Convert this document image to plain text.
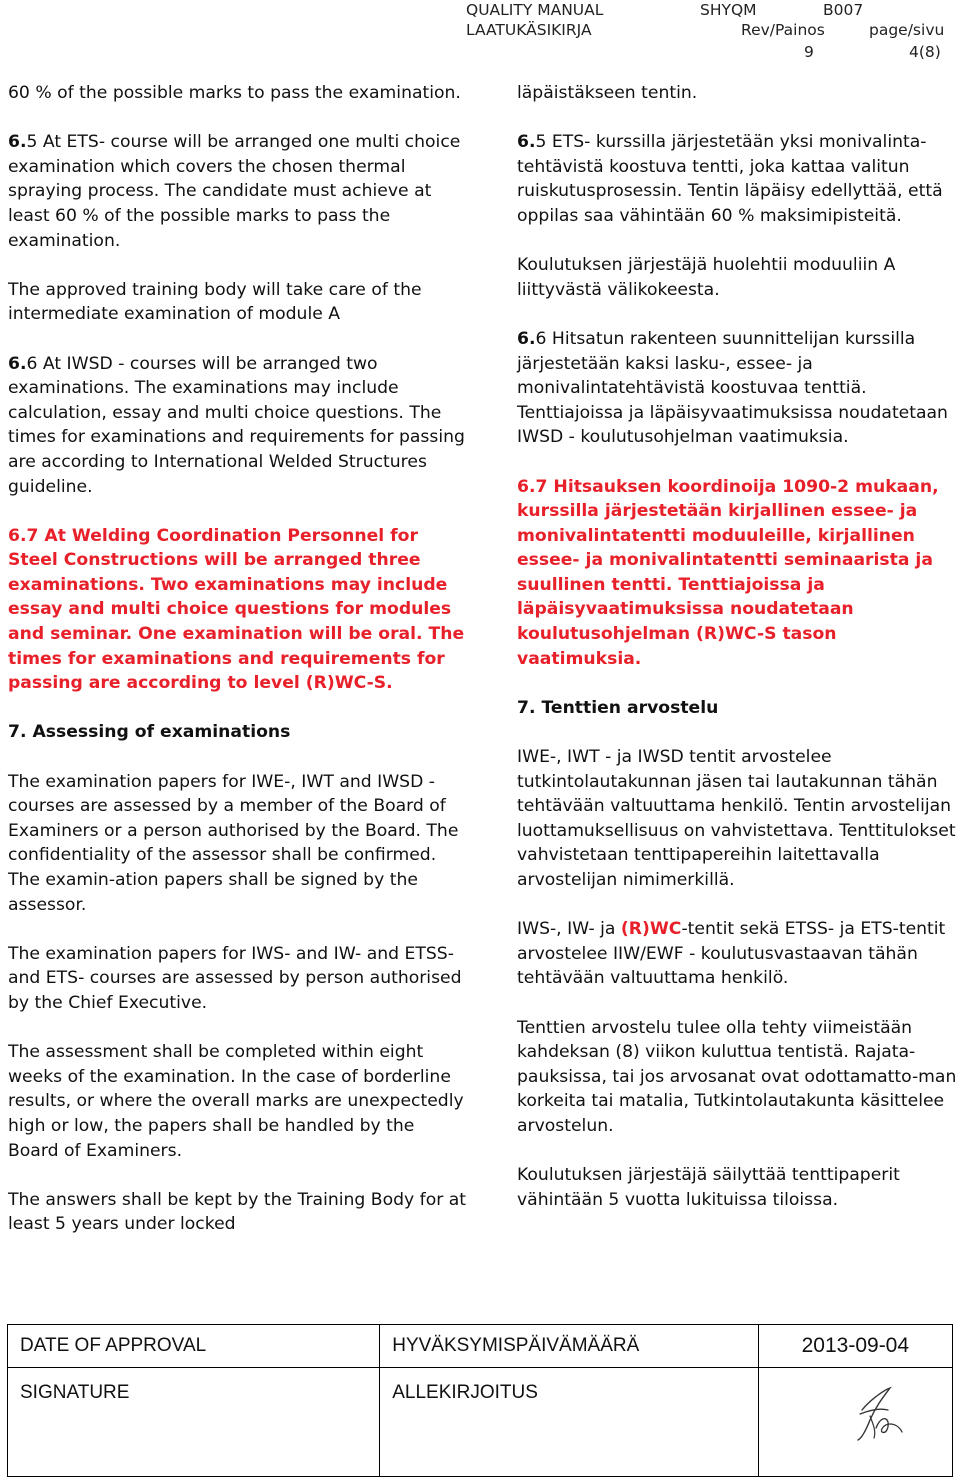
QUALITY MANUAL
LAATUKÄSIKIRJA
SHYQM	B007
Rev/Painos	page/sivu
9	4(8)

60 % of the possible marks to pass the examination.

6.5 At ETS- course will be arranged one multi choice examination which covers the chosen thermal spraying process. The candidate must achieve at least 60 % of the possible marks to pass the examination.

The approved training body will take care of the intermediate examination of module A

6.6 At IWSD - courses will be arranged two examinations. The examinations may include calculation, essay and multi choice questions. The times for examinations and requirements for passing are according to International Welded Structures guideline.

6.7 At Welding Coordination Personnel for Steel Constructions will be arranged three examinations. Two examinations may include essay and multi choice questions for modules and seminar. One examination will be oral. The times for examinations and requirements for passing are according to level (R)WC-S.

7. Assessing of examinations

The examination papers for IWE-, IWT and IWSD - courses are assessed by a member of the Board of Examiners or a person authorised by the Board. The confidentiality of the assessor shall be confirmed. The examin-ation papers shall be signed by the assessor.

The examination papers for IWS- and IW- and ETSS- and ETS- courses are assessed by person authorised by the Chief Executive.

The assessment shall be completed within eight weeks of the examination. In the case of borderline results, or where the overall marks are unexpectedly high or low, the papers shall be handled by the Board of Examiners.

The answers shall be kept by the Training Body for at least 5 years under locked

läpäistäkseen tentin.

6.5 ETS- kurssilla järjestetään yksi monivalinta-tehtävistä koostuva tentti, joka kattaa valitun ruiskutusprosessin. Tentin läpäisy edellyttää, että oppilas saa vähintään 60 % maksimipisteitä.

Koulutuksen järjestäjä huolehtii moduuliin A liittyvästä välikokeesta.

6.6 Hitsatun rakenteen suunnittelijan kurssilla järjestetään kaksi lasku-, essee- ja monivalintatehtävistä koostuvaa tenttiä. Tenttiajoissa ja läpäisyvaatimuksissa noudatetaan IWSD - koulutusohjelman vaatimuksia.

6.7 Hitsauksen koordinoija 1090-2 mukaan, kurssilla järjestetään kirjallinen essee- ja monivalintatentti moduuleille, kirjallinen essee- ja monivalintatentti seminaarista ja suullinen tentti. Tenttiajoissa ja läpäisyvaatimuksissa noudatetaan koulutusohjelman (R)WC-S tason vaatimuksia.

7. Tenttien arvostelu

IWE-, IWT - ja IWSD tentit arvostelee tutkintolautakunnan jäsen tai lautakunnan tähän tehtävään valtuuttama henkilö. Tentin arvostelijan luottamuksellisuus on vahvistettava. Tenttitulokset vahvistetaan tenttipapereihin laitettavalla arvostelijan nimimerkillä.

IWS-, IW- ja (R)WC-tentit sekä ETSS- ja ETS-tentit arvostelee IIW/EWF - koulutusvastaavan tähän tehtävään valtuuttama henkilö.

Tenttien arvostelu tulee olla tehty viimeistään kahdeksan (8) viikon kuluttua tentistä. Rajata-pauksissa, tai jos arvosanat ovat odottamatto-man korkeita tai matalia, Tutkintolautakunta käsittelee arvostelun.

Koulutuksen järjestäjä säilyttää tenttipaperit vähintään 5 vuotta lukituissa tiloissa.

DATE OF APPROVAL	HYVÄKSYMISPÄIVÄMÄÄRÄ	2013-09-04
SIGNATURE	ALLEKIRJOITUS	
